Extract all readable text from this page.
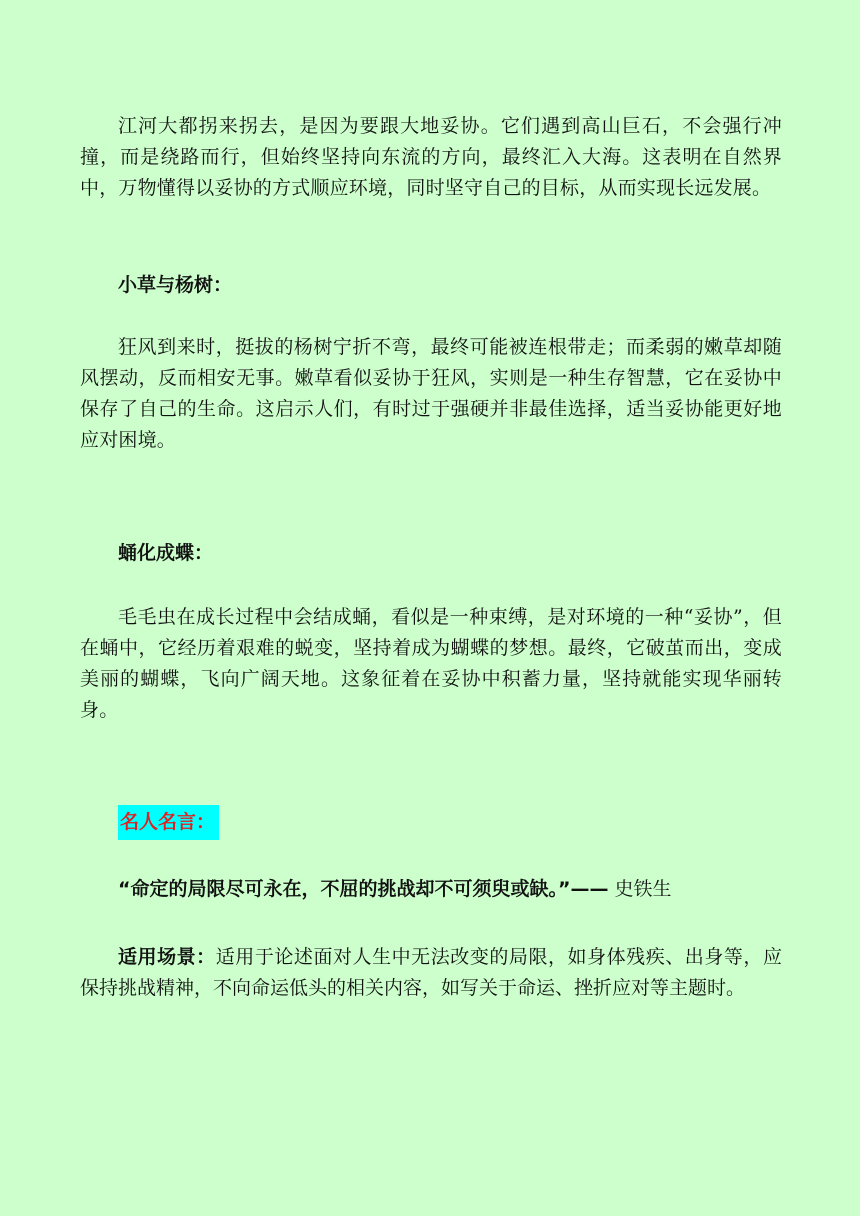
江河大都拐来拐去，是因为要跟大地妥协。它们遇到高山巨石，不会强行冲撞，而是绕路而行，但始终坚持向东流的方向，最终汇入大海。这表明在自然界中，万物懂得以妥协的方式顺应环境，同时坚守自己的目标，从而实现长远发展。

小草与杨树：

狂风到来时，挺拔的杨树宁折不弯，最终可能被连根带走；而柔弱的嫩草却随风摆动，反而相安无事。嫩草看似妥协于狂风，实则是一种生存智慧，它在妥协中保存了自己的生命。这启示人们，有时过于强硬并非最佳选择，适当妥协能更好地应对困境。

蛹化成蝶：

毛毛虫在成长过程中会结成蛹，看似是一种束缚，是对环境的一种“妥协”，但在蛹中，它经历着艰难的蜕变，坚持着成为蝴蝶的梦想。最终，它破茧而出，变成美丽的蝴蝶，飞向广阔天地。这象征着在妥协中积蓄力量，坚持就能实现华丽转身。

名人名言：

“命定的局限尽可永在，不屈的挑战却不可须臾或缺。”—— 史铁生

适用场景：适用于论述面对人生中无法改变的局限，如身体残疾、出身等，应保持挑战精神，不向命运低头的相关内容，如写关于命运、挫折应对等主题时。
